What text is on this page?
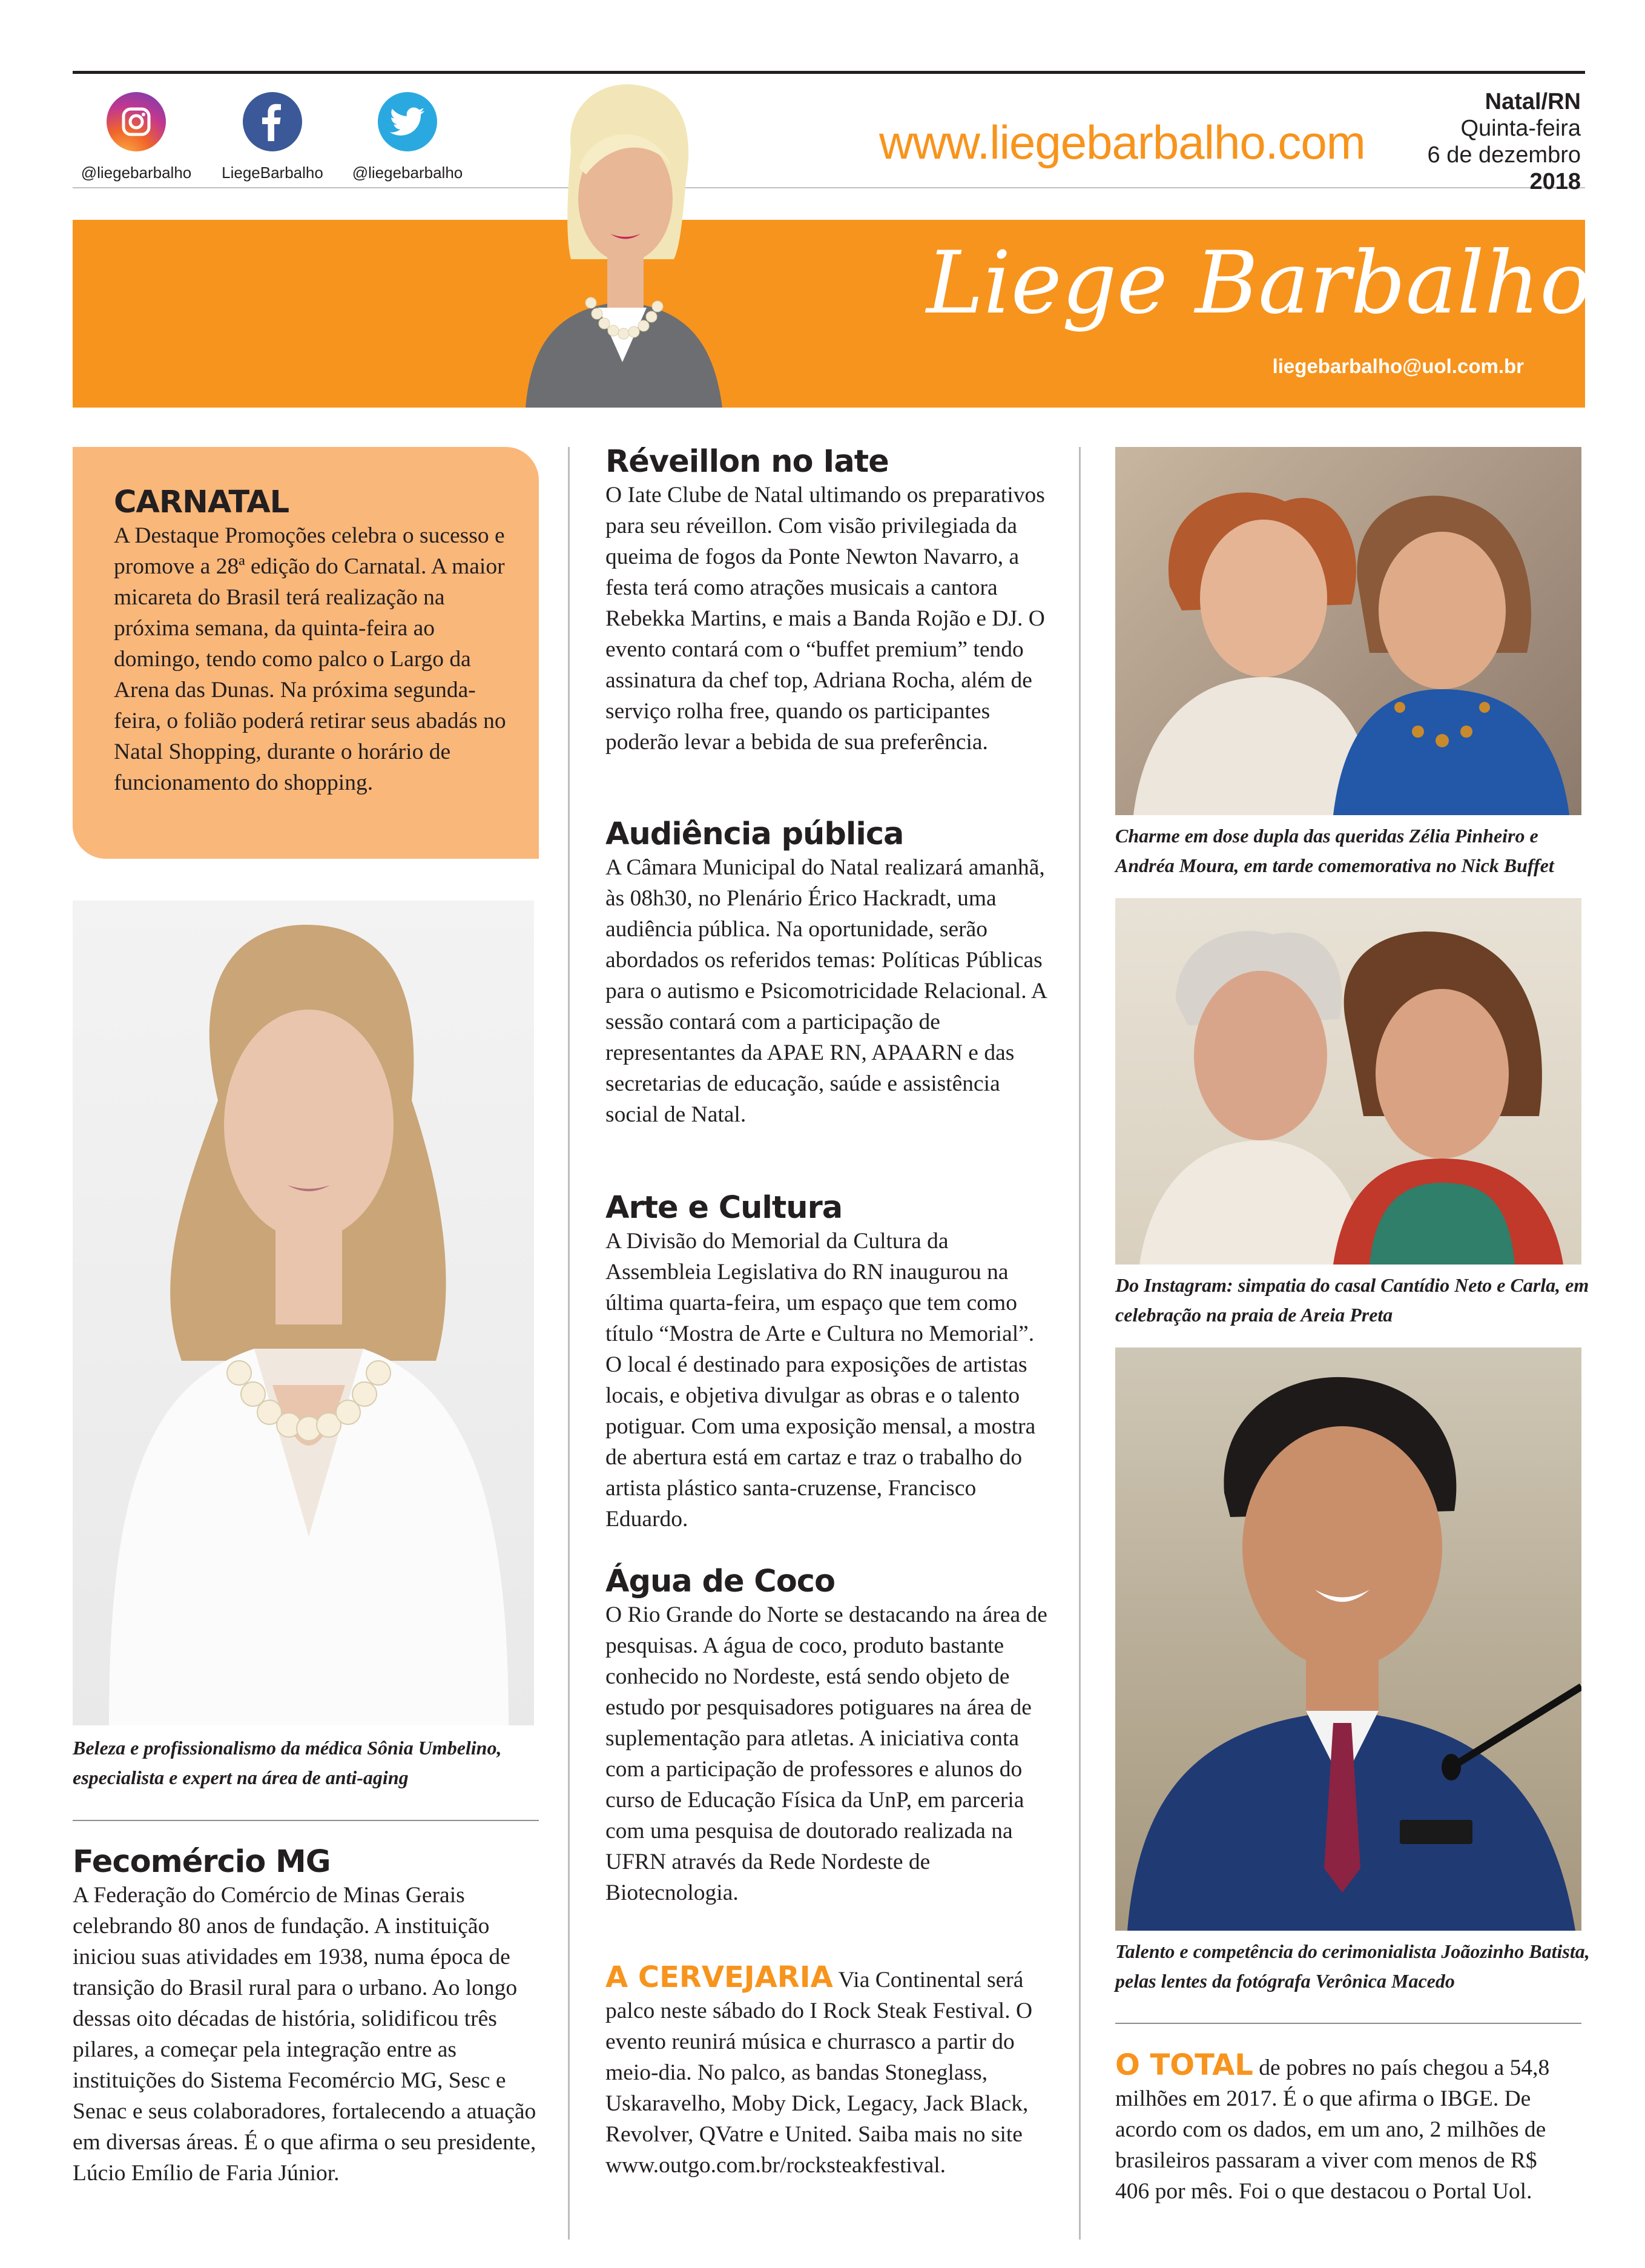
@liegebarbalho	LiegeBarbalho	@liegebarbalho
www.liegebarbalho.com
Natal/RN
Quinta-feira
6 de dezembro
2018
Liege Barbalho
liegebarbalho@uol.com.br
CARNATAL
A Destaque Promoções celebra o sucesso e promove a 28ª edição do Carnatal. A maior micareta do Brasil terá realização na próxima semana, da quinta-feira ao domingo, tendo como palco o Largo da Arena das Dunas. Na próxima segunda-feira, o folião poderá retirar seus abadás no Natal Shopping, durante o horário de funcionamento do shopping.
Beleza e profissionalismo da médica Sônia Umbelino, especialista e expert na área de anti-aging
Fecomércio MG
A Federação do Comércio de Minas Gerais celebrando 80 anos de fundação. A instituição iniciou suas atividades em 1938, numa época de transição do Brasil rural para o urbano. Ao longo dessas oito décadas de história, solidificou três pilares, a começar pela integração entre as instituições do Sistema Fecomércio MG, Sesc e Senac e seus colaboradores, fortalecendo a atuação em diversas áreas. É o que afirma o seu presidente, Lúcio Emílio de Faria Júnior.
Réveillon no Iate
O Iate Clube de Natal ultimando os preparativos para seu réveillon. Com visão privilegiada da queima de fogos da Ponte Newton Navarro, a festa terá como atrações musicais a cantora Rebekka Martins, e mais a Banda Rojão e DJ. O evento contará com o “buffet premium” tendo assinatura da chef top, Adriana Rocha, além de serviço rolha free, quando os participantes poderão levar a bebida de sua preferência.
Audiência pública
A Câmara Municipal do Natal realizará amanhã, às 08h30, no Plenário Érico Hackradt, uma audiência pública. Na oportunidade, serão abordados os referidos temas: Políticas Públicas para o autismo e Psicomotricidade Relacional. A sessão contará com a participação de representantes da APAE RN, APAARN e das secretarias de educação, saúde e assistência social de Natal.
Arte e Cultura
A Divisão do Memorial da Cultura da Assembleia Legislativa do RN inaugurou na última quarta-feira, um espaço que tem como título “Mostra de Arte e Cultura no Memorial”. O local é destinado para exposições de artistas locais, e objetiva divulgar as obras e o talento potiguar. Com uma exposição mensal, a mostra de abertura está em cartaz e traz o trabalho do artista plástico santa-cruzense, Francisco Eduardo.
Água de Coco
O Rio Grande do Norte se destacando na área de pesquisas. A água de coco, produto bastante conhecido no Nordeste, está sendo objeto de estudo por pesquisadores potiguares na área de suplementação para atletas. A iniciativa conta com a participação de professores e alunos do curso de Educação Física da UnP, em parceria com uma pesquisa de doutorado realizada na UFRN através da Rede Nordeste de Biotecnologia.
A CERVEJARIA Via Continental será palco neste sábado do I Rock Steak Festival. O evento reunirá música e churrasco a partir do meio-dia. No palco, as bandas Stoneglass, Uskaravelho, Moby Dick, Legacy, Jack Black, Revolver, QVatre e United. Saiba mais no site www.outgo.com.br/rocksteakfestival.
Charme em dose dupla das queridas Zélia Pinheiro e Andréa Moura, em tarde comemorativa no Nick Buffet
Do Instagram: simpatia do casal Cantídio Neto e Carla, em celebração na praia de Areia Preta
Talento e competência do cerimonialista Joãozinho Batista, pelas lentes da fotógrafa Verônica Macedo
O TOTAL de pobres no país chegou a 54,8 milhões em 2017. É o que afirma o IBGE. De acordo com os dados, em um ano, 2 milhões de brasileiros passaram a viver com menos de R$ 406 por mês. Foi o que destacou o Portal Uol.
